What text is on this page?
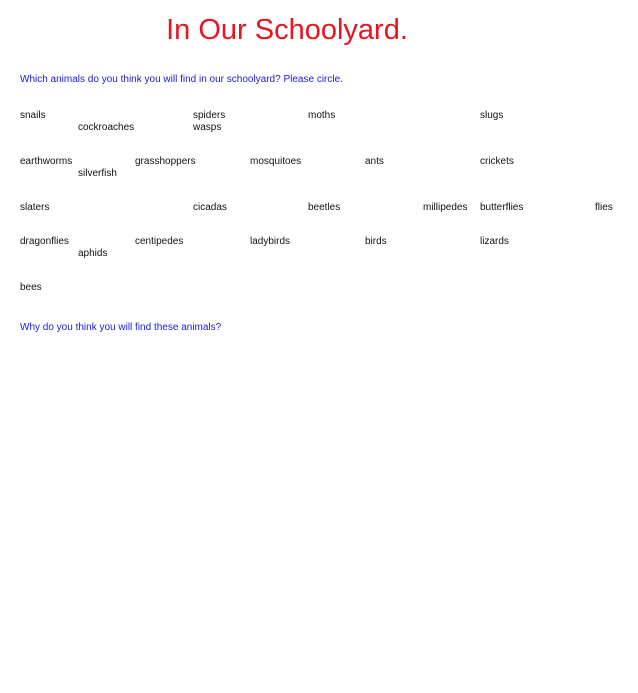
In Our Schoolyard.
Which animals do you think you will find in our schoolyard? Please circle.
snails
cockroaches
spiders
wasps
moths	slugs
earthworms
silverfish
grasshoppers	mosquitoes	ants	crickets
slaters	cicadas	beetles	millipedes butterflies	flies
dragonflies
aphids
centipedes	ladybirds	birds	lizards
bees
Why do you think you will find these animals?
